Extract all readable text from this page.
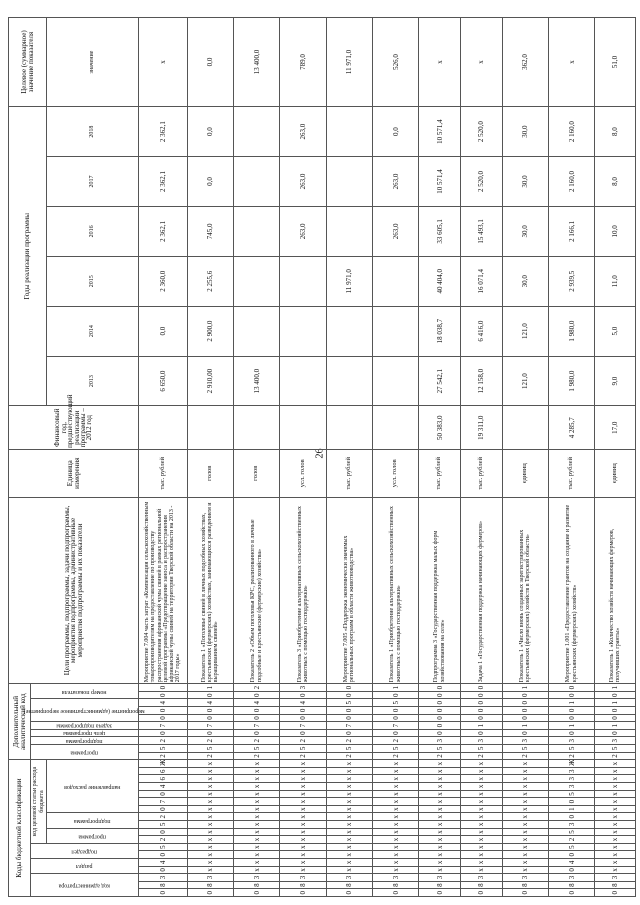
26
Коды бюджетной классификации																		Дополнительный аналитический код										Цели программы, подпрограммы, задачи подпрограммы, мероприятия подпрограммы, административные мероприятия подпрограммы и их показатели	Единица измерения	Финансовый год, предшествующий реализации программы – 2012 год	Годы реализации программы						Целевое (суммарное) значение показателя

код администратора			раздел		подраздел		код целевой статьи расхода бюджета											программа		подпрограмма	цель программы	задача подпрограммы	мероприятие (административное мероприятие)			номер показателя											

							программа		подпрограмма		направление расходов																				2013	2014	2015	2016	2017	2018	значение
0	8	3	0	4	0	5	2	0	5	2	0	7	0	4	6	6	Ж	2	5	2	0	7	0	0	4	0	0	Мероприятие 7.004 часть затрат «Компенсация сельскохозяйственным товаропроизводителям на предоставление по производству распространения африканской чумы свиней в рамках региональной целевой программы «Предотвращение заноса и распространения африканской чумы свиней на территории Тверской области на 2013 - 2017 годы»	тыс. рублей		6 650,0	0,0	2 360,0	2 362,1	2 362,1	2 362,1	х
0	8	3	х	х	х	х	х	х	х	х	х	х	х	х	х	х	х	2	5	2	0	7	0	0	4	0	1	Показатель 1 «Поголовье свиней в личных подсобных хозяйствах, крестьянских (фермерских) хозяйствах, занимающихся разведением и выращиванием свиней»	голов		2 910,00	2 900,0	2 255,6	745,0	0,0	0,0	0,0
0	8	3	х	х	х	х	х	х	х	х	х	х	х	х	х	х	х	2	5	2	0	7	0	0	4	0	2	Показатель 2 «Объем поголовья КРС, реализованного в личные подсобные и крестьянские (фермерские) хозяйства»	голов		13 400,0						13 400,0
0	8	3	х	х	х	х	х	х	х	х	х	х	х	х	х	х	х	2	5	2	0	7	0	0	4	0	3	Показатель 3 «Приобретение альтернативных сельскохозяйственных животных с помощью господдержки»	усл. голов					263,0	263,0	263,0	789,0
0	8	3	х	х	х	х	х	х	х	х	х	х	х	х	х	х	х	2	5	2	0	7	0	0	5	0	0	Мероприятие 7.005 «Поддержка экономически значимых региональных программ в области животноводства»	тыс. рублей				11 971,0				11 971,0
0	8	3	х	х	х	х	х	х	х	х	х	х	х	х	х	х	х	2	5	2	0	7	0	0	5	0	1	Показатель 1 «Приобретение альтернативных сельскохозяйственных животных с помощью господдержки»	усл. голов					263,0	263,0	0,0	526,0
0	8	3	х	х	х	х	х	х	х	х	х	х	х	х	х	х	х	2	5	3	0	0	0	0	0	0	0	Подпрограмма 3 «Государственная поддержка малых форм хозяйствования на селе»	тыс. рублей	50 383,0	27 542,1	18 038,7	40 404,0	33 605,1	10 571,4	10 571,4	х
0	8	3	х	х	х	х	х	х	х	х	х	х	х	х	х	х	х	2	5	3	0	1	0	0	0	0	0	Задача 1 «Государственная поддержка начинающих фермеров»	тыс. рублей	19 311,0	12 158,0	6 416,0	16 071,4	15 493,1	2 520,0	2 520,0	х
0	8	3	х	х	х	х	х	х	х	х	х	х	х	х	х	х	х	2	5	3	0	1	0	0	0	0	1	Показатель 1 «Число вновь созданных зарегистрированных крестьянских (фермерских) хозяйств в Тверской области»	единиц		121,0	121,0	30,0	30,0	30,0	30,0	362,0
0	8	3	0	4	0	5	2	5	3	0	1	0	5	3	3	3	Ж	2	5	3	0	1	0	0	1	0	0	Мероприятие 1.001 «Предоставление грантов на создание и развитие крестьянских (фермерских) хозяйств»	тыс. рублей	4 285,7	1 980,0	1 980,0	2 939,5	2 166,1	2 160,0	2 160,0	х
0	8	3	х	х	х	х	х	х	х	х	х	х	х	х	х	х	х	2	5	3	0	1	0	0	1	0	1	Показатель 1 «Количество хозяйств начинающих фермеров, получивших гранты»	единиц	17,0	9,0	5,0	11,0	10,0	8,0	8,0	51,0
